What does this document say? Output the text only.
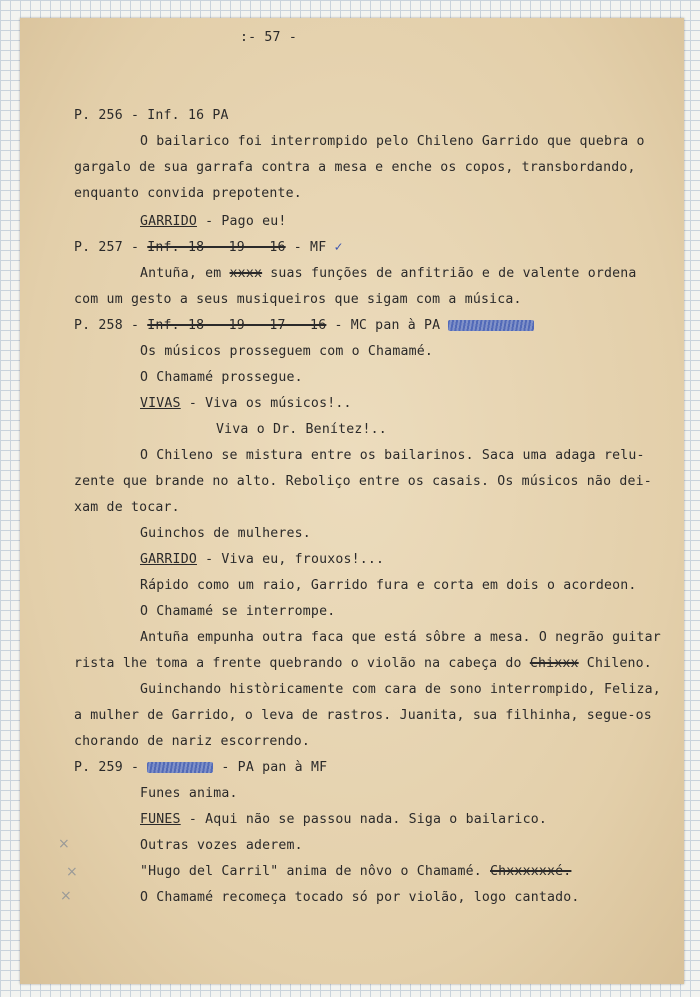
:- 57 -
P. 256 - Inf. 16 PA
O bailarico foi interrompido pelo Chileno Garrido que quebra o
gargalo de sua garrafa contra a mesa e enche os copos, transbordando,
enquanto convida prepotente.
GARRIDO - Pago eu!
P. 257 - Inf. 18 - 19 - 16 - MF ✓
Antuña, em xxxx suas funções de anfitrião e de valente ordena
com um gesto a seus musiqueiros que sigam com a música.
P. 258 - Inf. 18 - 19 - 17 - 16 - MC pan à PA
Os músicos prosseguem com o Chamamé.
O Chamamé prossegue.
VIVAS - Viva os músicos!..
Viva o Dr. Benítez!..
O Chileno se mistura entre os bailarinos. Saca uma adaga relu-
zente que brande no alto. Reboliço entre os casais. Os músicos não dei-
xam de tocar.
Guinchos de mulheres.
GARRIDO - Viva eu, frouxos!...
Rápido como um raio, Garrido fura e corta em dois o acordeon.
O Chamamé se interrompe.
Antuña empunha outra faca que está sôbre a mesa. O negrão guitar
rista lhe toma a frente quebrando o violão na cabeça do Chixxx Chileno.
Guinchando històricamente com cara de sono interrompido, Feliza,
a mulher de Garrido, o leva de rastros. Juanita, sua filhinha, segue-os
chorando de nariz escorrendo.
P. 259 -	- PA pan à MF
Funes anima.
FUNES - Aqui não se passou nada. Siga o bailarico.
Outras vozes aderem.
"Hugo del Carril" anima de nôvo o Chamamé. Chxxxxxxé.
O Chamamé recomeça tocado só por violão, logo cantado.
×
×
×
